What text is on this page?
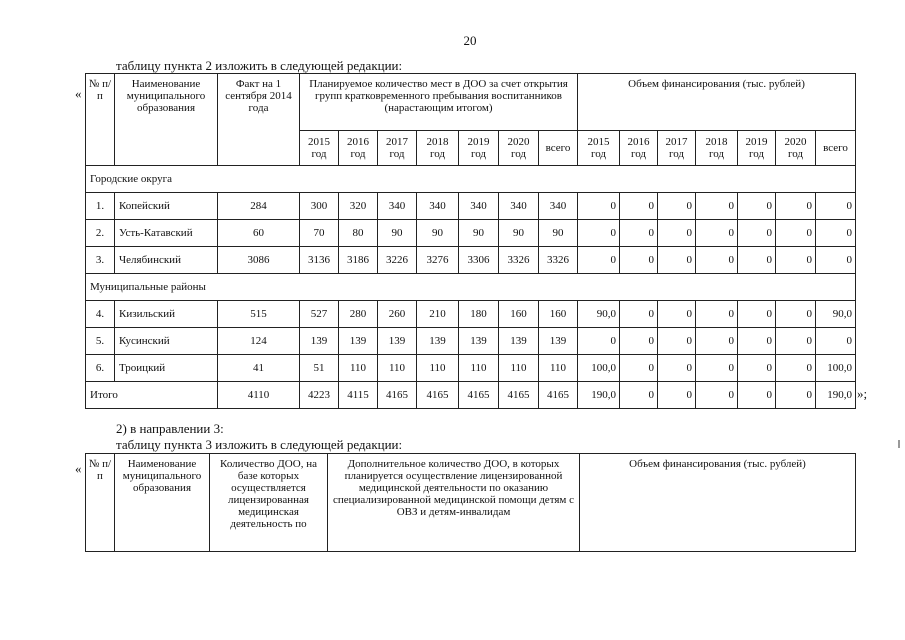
20
таблицу пункта 2 изложить в следующей редакции:
«
№ п/п	Наименование муниципального образования	Факт на 1 сентября 2014 года	Планируемое количество мест в ДОО за счет открытия групп кратковременного пребывания воспитанников (нарастающим итогом)							Объем финансирования (тыс. рублей)						
			2015 год	2016 год	2017 год	2018 год	2019 год	2020 год	всего	2015 год	2016 год	2017 год	2018 год	2019 год	2020 год	всего
Городские округа																
1.	Копейский	284	300	320	340	340	340	340	340	0	0	0	0	0	0	0
2.	Усть-Катавский	60	70	80	90	90	90	90	90	0	0	0	0	0	0	0
3.	Челябинский	3086	3136	3186	3226	3276	3306	3326	3326	0	0	0	0	0	0	0
Муниципальные районы																
4.	Кизильский	515	527	280	260	210	180	160	160	90,0	0	0	0	0	0	90,0
5.	Кусинский	124	139	139	139	139	139	139	139	0	0	0	0	0	0	0
6.	Троицкий	41	51	110	110	110	110	110	110	100,0	0	0	0	0	0	100,0
Итого		4110	4223	4115	4165	4165	4165	4165	4165	190,0	0	0	0	0	0	190,0 »;
2) в направлении 3:
таблицу пункта 3 изложить в следующей редакции:
« № п/п	Наименование муниципального образования	Количество ДОО, на базе которых осуществляется лицензированная медицинская деятельность по	Дополнительное количество ДОО, в которых планируется осуществление лицензированной медицинской деятельности по оказанию специализированной медицинской помощи детям с ОВЗ и детям-инвалидам	Объем финансирования (тыс. рублей)
